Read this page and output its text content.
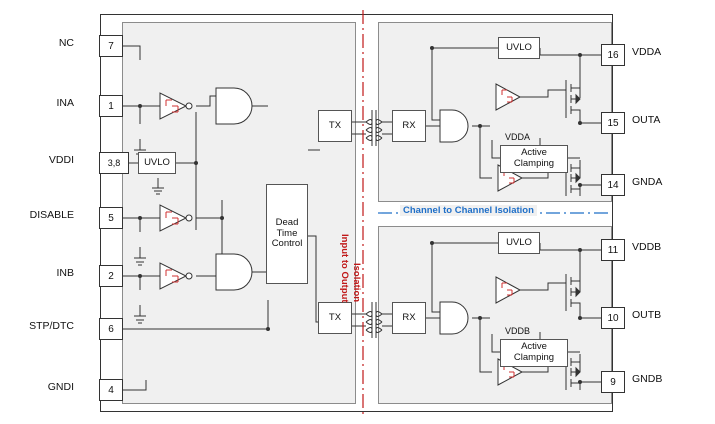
NC	7
INA	1
VDDI	3,8
DISABLE	5
INB	2
STP/DTC	6
GNDI	4
16	VDDA
15	OUTA
14	GNDA
11	VDDB
10	OUTB
9	GNDB
Dead
Time
Control
UVLO
TX
TX
RX
RX
UVLO
VDDA
Active
Clamping
UVLO
VDDB
Active
Clamping
Input to Output Isolation
Channel to Channel Isolation
